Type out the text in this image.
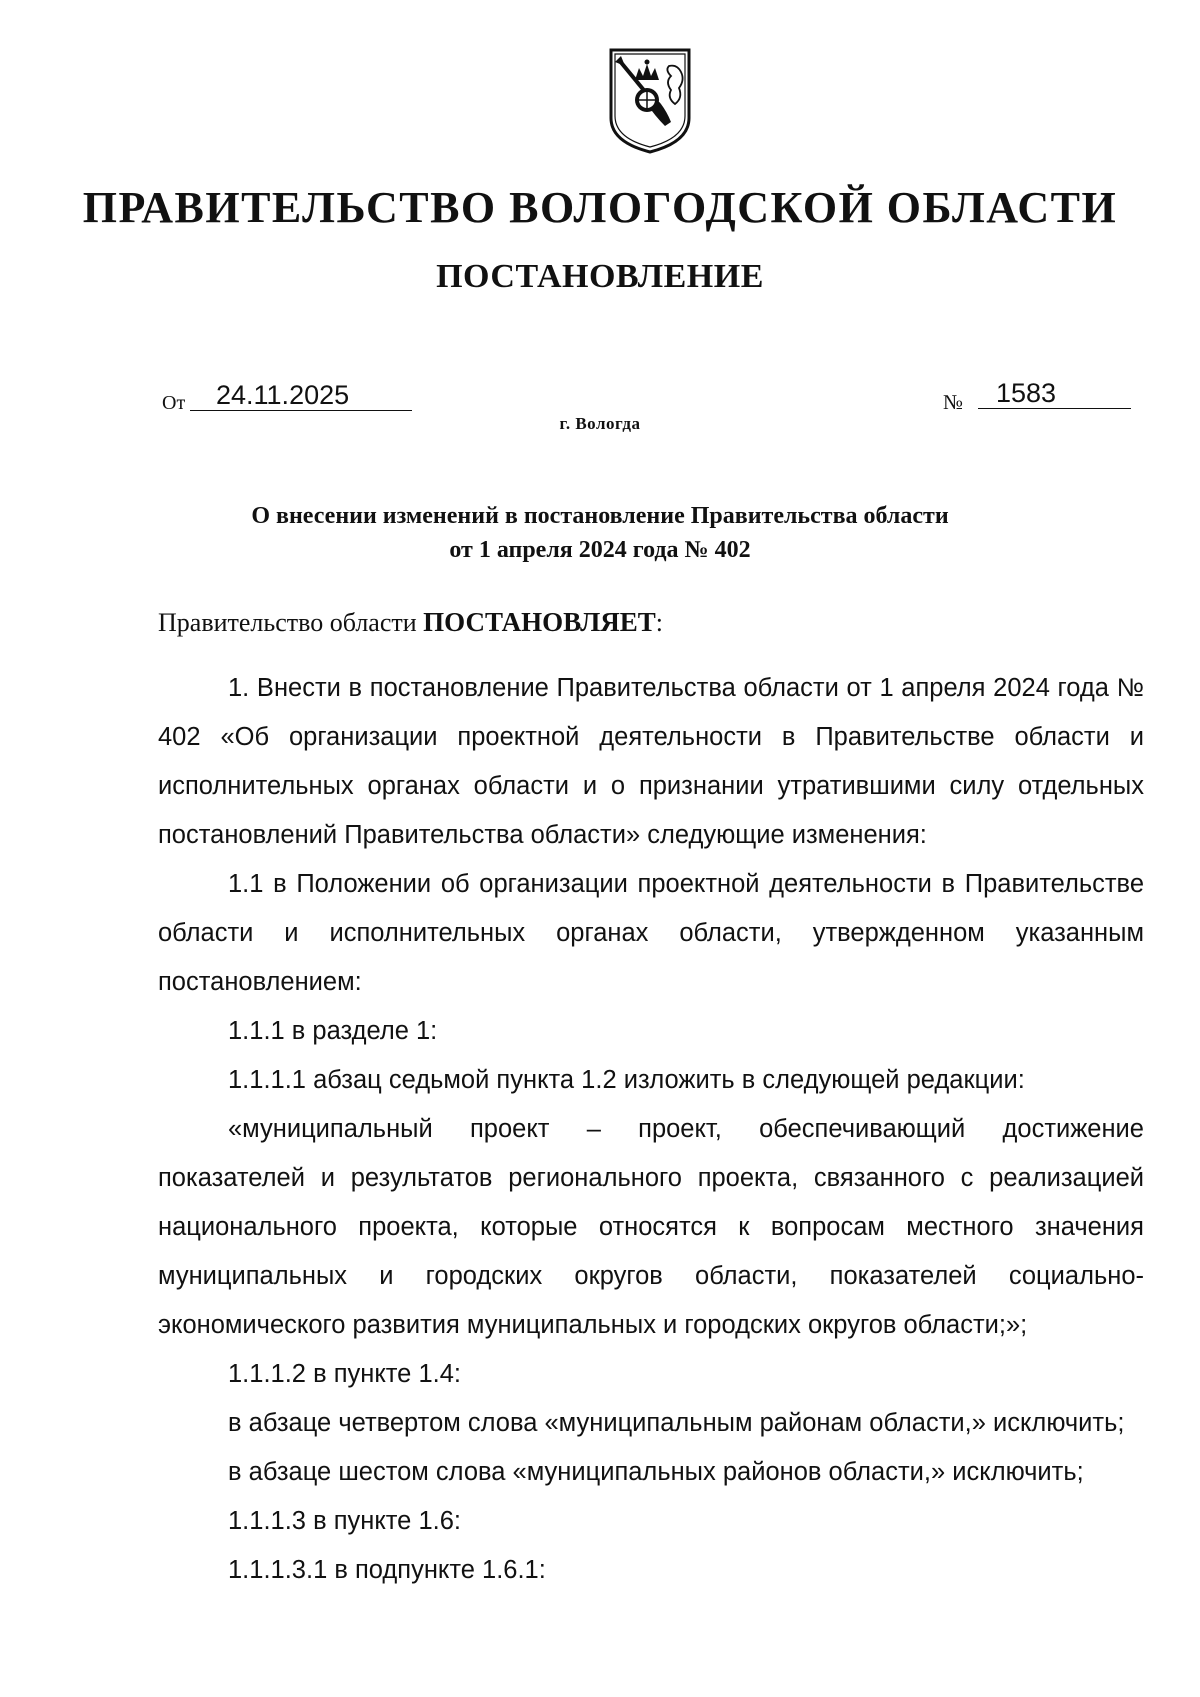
ПРАВИТЕЛЬСТВО ВОЛОГОДСКОЙ ОБЛАСТИ
ПОСТАНОВЛЕНИЕ
От	24.11.2025	№	1583
г. Вологда
О внесении изменений в постановление Правительства области
от 1 апреля 2024 года № 402
Правительство области ПОСТАНОВЛЯЕТ:

1. Внести в постановление Правительства области от 1 апреля 2024 года № 402 «Об организации проектной деятельности в Правительстве области и исполнительных органах области и о признании утратившими силу отдельных постановлений Правительства области» следующие изменения:

1.1 в Положении об организации проектной деятельности в Правительстве области и исполнительных органах области, утвержденном указанным постановлением:

1.1.1 в разделе 1:

1.1.1.1 абзац седьмой пункта 1.2 изложить в следующей редакции:

«муниципальный проект – проект, обеспечивающий достижение показателей и результатов регионального проекта, связанного с реализацией национального проекта, которые относятся к вопросам местного значения муниципальных и городских округов области, показателей социально-экономического развития муниципальных и городских округов области;»;

1.1.1.2 в пункте 1.4:

в абзаце четвертом слова «муниципальным районам области,» исключить;

в абзаце шестом слова «муниципальных районов области,» исключить;

1.1.1.3 в пункте 1.6:

1.1.1.3.1 в подпункте 1.6.1:
